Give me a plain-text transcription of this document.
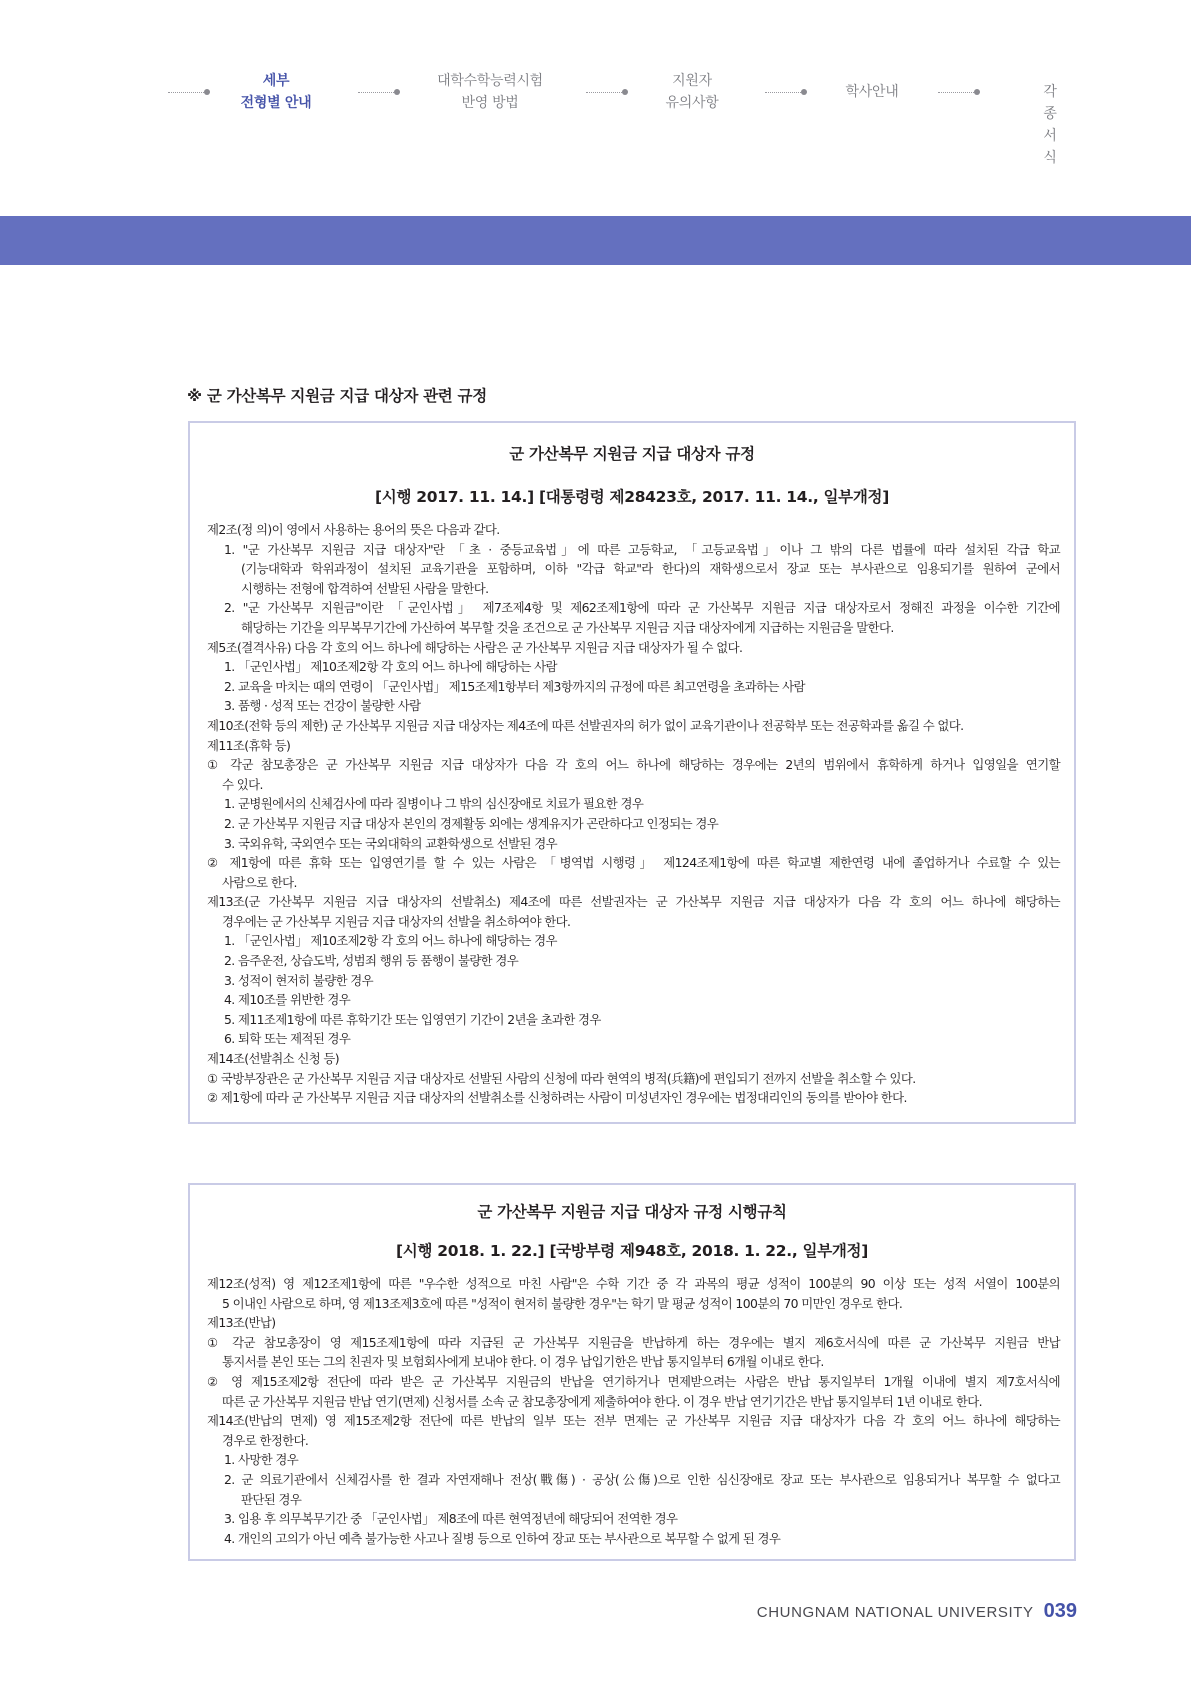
세부
전형별 안내
대학수학능력시험
반영 방법
지원자
유의사항
학사안내	각종서식
※ 군 가산복무 지원금 지급 대상자 관련 규정
군 가산복무 지원금 지급 대상자 규정
[시행 2017. 11. 14.] [대통령령 제28423호, 2017. 11. 14., 일부개정]
제2조(정 의)이 영에서 사용하는 용어의 뜻은 다음과 같다.
1. "군 가산복무 지원금 지급 대상자"란 「초 · 중등교육법」에 따른 고등학교, 「고등교육법」이나 그 밖의 다른 법률에 따라 설치된 각급 학교
(기능대학과 학위과정이 설치된 교육기관을 포함하며, 이하 "각급 학교"라 한다)의 재학생으로서 장교 또는 부사관으로 임용되기를 원하여 군에서
시행하는 전형에 합격하여 선발된 사람을 말한다.
2. "군 가산복무 지원금"이란 「군인사법」 제7조제4항 및 제62조제1항에 따라 군 가산복무 지원금 지급 대상자로서 정해진 과정을 이수한 기간에
해당하는 기간을 의무복무기간에 가산하여 복무할 것을 조건으로 군 가산복무 지원금 지급 대상자에게 지급하는 지원금을 말한다.
제5조(결격사유) 다음 각 호의 어느 하나에 해당하는 사람은 군 가산복무 지원금 지급 대상자가 될 수 없다.
1. 「군인사법」 제10조제2항 각 호의 어느 하나에 해당하는 사람
2. 교육을 마치는 때의 연령이 「군인사법」 제15조제1항부터 제3항까지의 규정에 따른 최고연령을 초과하는 사람
3. 품행 · 성적 또는 건강이 불량한 사람
제10조(전학 등의 제한) 군 가산복무 지원금 지급 대상자는 제4조에 따른 선발권자의 허가 없이 교육기관이나 전공학부 또는 전공학과를 옮길 수 없다.
제11조(휴학 등)
① 각군 참모총장은 군 가산복무 지원금 지급 대상자가 다음 각 호의 어느 하나에 해당하는 경우에는 2년의 범위에서 휴학하게 하거나 입영일을 연기할
수 있다.
1. 군병원에서의 신체검사에 따라 질병이나 그 밖의 심신장애로 치료가 필요한 경우
2. 군 가산복무 지원금 지급 대상자 본인의 경제활동 외에는 생계유지가 곤란하다고 인정되는 경우
3. 국외유학, 국외연수 또는 국외대학의 교환학생으로 선발된 경우
② 제1항에 따른 휴학 또는 입영연기를 할 수 있는 사람은 「병역법 시행령」 제124조제1항에 따른 학교별 제한연령 내에 졸업하거나 수료할 수 있는
사람으로 한다.
제13조(군 가산복무 지원금 지급 대상자의 선발취소) 제4조에 따른 선발권자는 군 가산복무 지원금 지급 대상자가 다음 각 호의 어느 하나에 해당하는
경우에는 군 가산복무 지원금 지급 대상자의 선발을 취소하여야 한다.
1. 「군인사법」 제10조제2항 각 호의 어느 하나에 해당하는 경우
2. 음주운전, 상습도박, 성범죄 행위 등 품행이 불량한 경우
3. 성적이 현저히 불량한 경우
4. 제10조를 위반한 경우
5. 제11조제1항에 따른 휴학기간 또는 입영연기 기간이 2년을 초과한 경우
6. 퇴학 또는 제적된 경우
제14조(선발취소 신청 등)
① 국방부장관은 군 가산복무 지원금 지급 대상자로 선발된 사람의 신청에 따라 현역의 병적(兵籍)에 편입되기 전까지 선발을 취소할 수 있다.
② 제1항에 따라 군 가산복무 지원금 지급 대상자의 선발취소를 신청하려는 사람이 미성년자인 경우에는 법정대리인의 동의를 받아야 한다.
군 가산복무 지원금 지급 대상자 규정 시행규칙
[시행 2018. 1. 22.] [국방부령 제948호, 2018. 1. 22., 일부개정]
제12조(성적) 영 제12조제1항에 따른 "우수한 성적으로 마친 사람"은 수학 기간 중 각 과목의 평균 성적이 100분의 90 이상 또는 성적 서열이 100분의
5 이내인 사람으로 하며, 영 제13조제3호에 따른 "성적이 현저히 불량한 경우"는 학기 말 평균 성적이 100분의 70 미만인 경우로 한다.
제13조(반납)
① 각군 참모총장이 영 제15조제1항에 따라 지급된 군 가산복무 지원금을 반납하게 하는 경우에는 별지 제6호서식에 따른 군 가산복무 지원금 반납
통지서를 본인 또는 그의 친권자 및 보험회사에게 보내야 한다. 이 경우 납입기한은 반납 통지일부터 6개월 이내로 한다.
② 영 제15조제2항 전단에 따라 받은 군 가산복무 지원금의 반납을 연기하거나 면제받으려는 사람은 반납 통지일부터 1개월 이내에 별지 제7호서식에
따른 군 가산복무 지원금 반납 연기(면제) 신청서를 소속 군 참모총장에게 제출하여야 한다. 이 경우 반납 연기기간은 반납 통지일부터 1년 이내로 한다.
제14조(반납의 면제) 영 제15조제2항 전단에 따른 반납의 일부 또는 전부 면제는 군 가산복무 지원금 지급 대상자가 다음 각 호의 어느 하나에 해당하는
경우로 한정한다.
1. 사망한 경우
2. 군 의료기관에서 신체검사를 한 결과 자연재해나 전상(戰傷) · 공상(公傷)으로 인한 심신장애로 장교 또는 부사관으로 임용되거나 복무할 수 없다고
판단된 경우
3. 임용 후 의무복무기간 중 「군인사법」 제8조에 따른 현역정년에 해당되어 전역한 경우
4. 개인의 고의가 아닌 예측 불가능한 사고나 질병 등으로 인하여 장교 또는 부사관으로 복무할 수 없게 된 경우
CHUNGNAM NATIONAL UNIVERSITY 039
